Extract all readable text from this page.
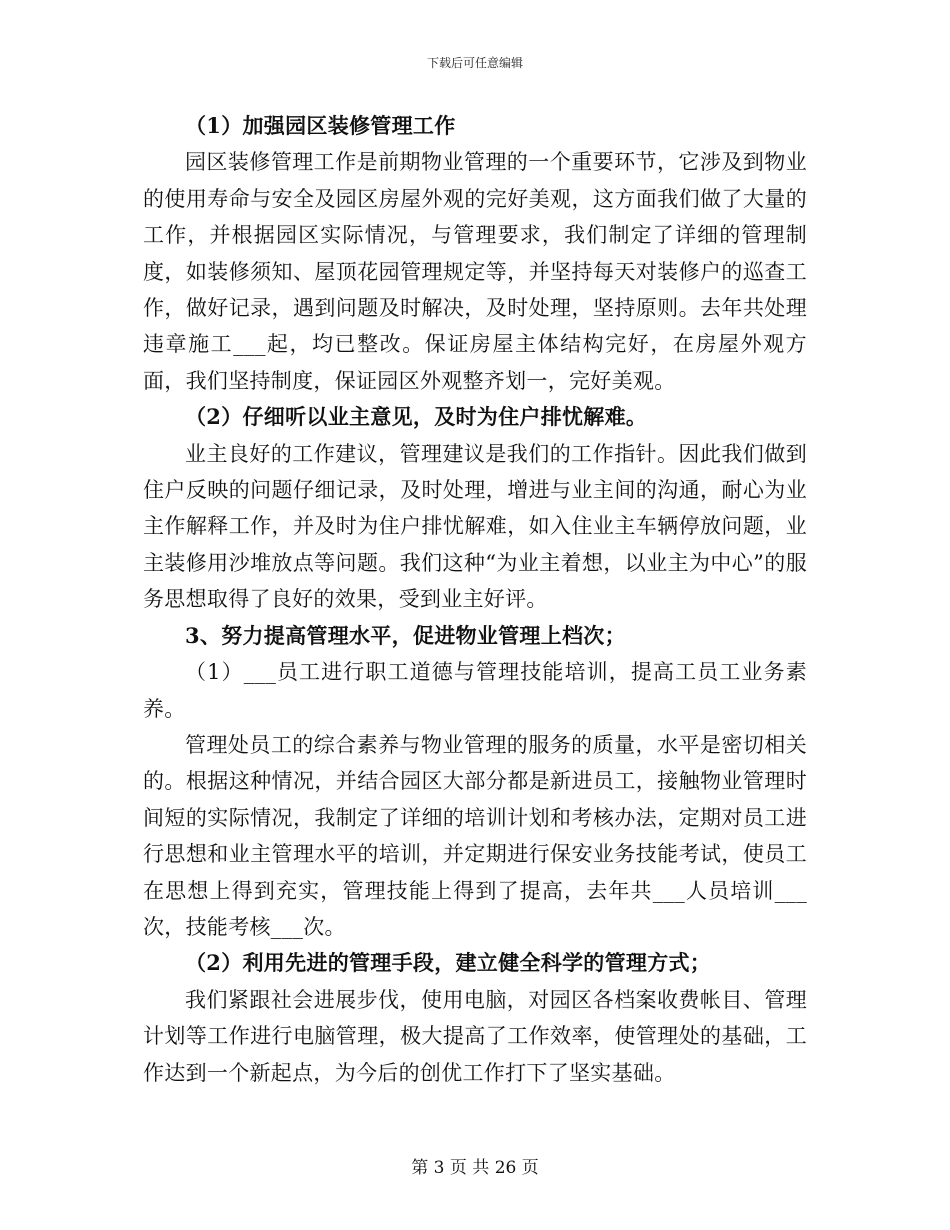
下载后可任意编辑

（1）加强园区装修管理工作

园区装修管理工作是前期物业管理的一个重要环节，它涉及到物业的使用寿命与安全及园区房屋外观的完好美观，这方面我们做了大量的工作，并根据园区实际情况，与管理要求，我们制定了详细的管理制度，如装修须知、屋顶花园管理规定等，并坚持每天对装修户的巡查工作，做好记录，遇到问题及时解决，及时处理，坚持原则。去年共处理违章施工___起，均已整改。保证房屋主体结构完好，在房屋外观方面，我们坚持制度，保证园区外观整齐划一，完好美观。

（2）仔细听以业主意见，及时为住户排忧解难。

业主良好的工作建议，管理建议是我们的工作指针。因此我们做到住户反映的问题仔细记录，及时处理，增进与业主间的沟通，耐心为业主作解释工作，并及时为住户排忧解难，如入住业主车辆停放问题，业主装修用沙堆放点等问题。我们这种“为业主着想，以业主为中心”的服务思想取得了良好的效果，受到业主好评。

3、努力提高管理水平，促进物业管理上档次；

（1）___员工进行职工道德与管理技能培训，提高工员工业务素养。

管理处员工的综合素养与物业管理的服务的质量，水平是密切相关的。根据这种情况，并结合园区大部分都是新进员工，接触物业管理时间短的实际情况，我制定了详细的培训计划和考核办法，定期对员工进行思想和业主管理水平的培训，并定期进行保安业务技能考试，使员工在思想上得到充实，管理技能上得到了提高，去年共___人员培训___次，技能考核___次。

（2）利用先进的管理手段，建立健全科学的管理方式；

我们紧跟社会进展步伐，使用电脑，对园区各档案收费帐目、管理计划等工作进行电脑管理，极大提高了工作效率，使管理处的基础，工作达到一个新起点，为今后的创优工作打下了坚实基础。

第 3 页 共 26 页
